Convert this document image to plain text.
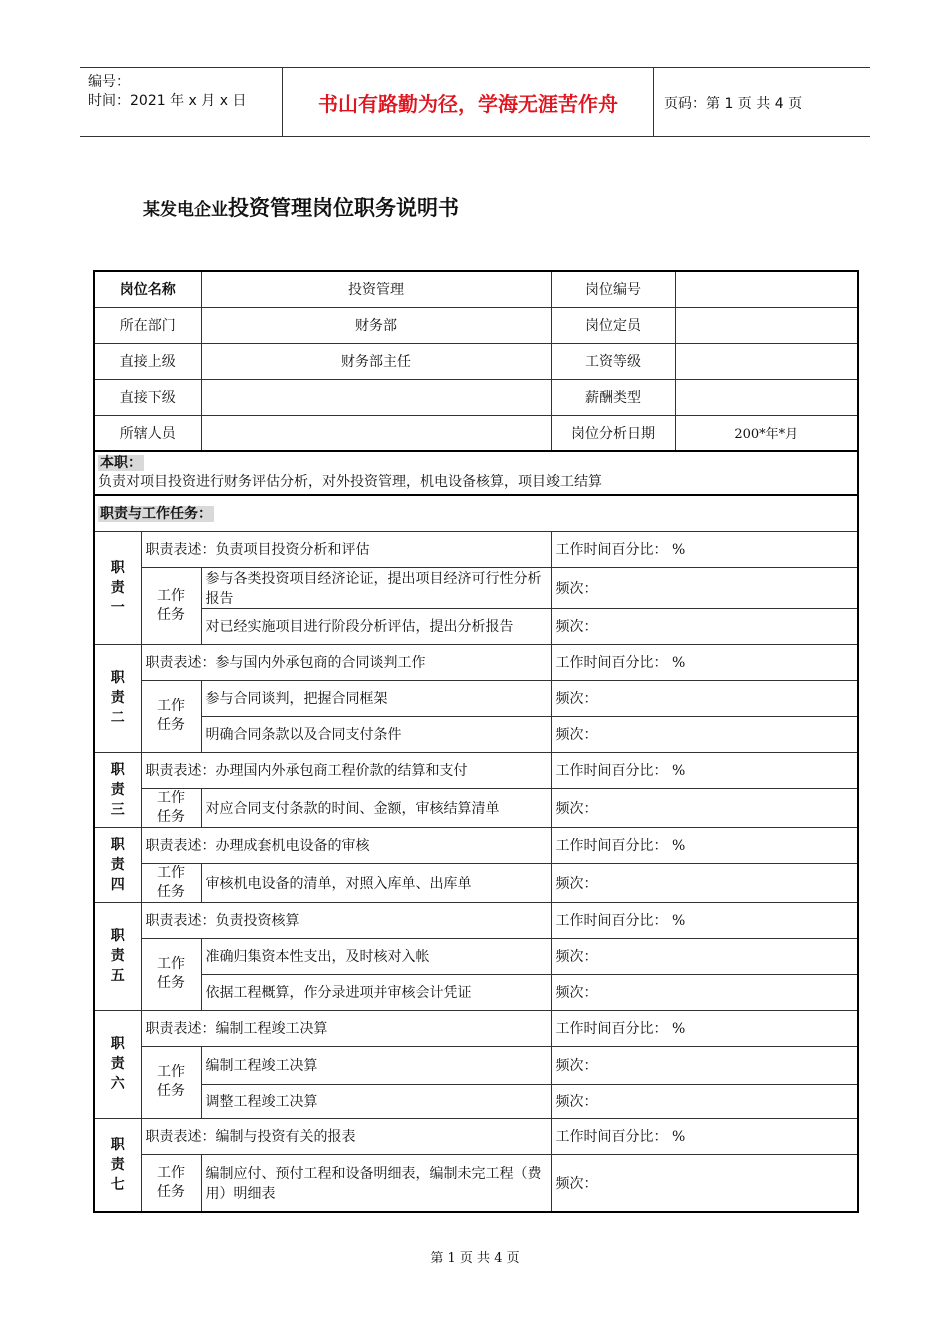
编号：
时间：2021 年 x 月 x 日	书山有路勤为径，学海无涯苦作舟	页码：第 1 页 共 4 页
某发电企业投资管理岗位职务说明书
岗位名称		投资管理	岗位编号	
所在部门		财务部	岗位定员	
直接上级		财务部主任	工资等级	
直接下级			薪酬类型	
所辖人员			岗位分析日期	200*年*月
本职：
负责对项目投资进行财务评估分析，对外投资管理，机电设备核算，项目竣工结算				
职责与工作任务：				
职
责
一	职责表述：负责项目投资分析和评估		工作时间百分比： %	
	工作
任务	参与各类投资项目经济论证，提出项目经济可行性分析报告	频次：	
		对已经实施项目进行阶段分析评估，提出分析报告	频次：	
职
责
二	职责表述：参与国内外承包商的合同谈判工作		工作时间百分比： %	
	工作
任务	参与合同谈判，把握合同框架	频次：	
		明确合同条款以及合同支付条件	频次：	
职
责
三	职责表述：办理国内外承包商工程价款的结算和支付		工作时间百分比： %	
	工作
任务	对应合同支付条款的时间、金额，审核结算清单	频次：	
职
责
四	职责表述：办理成套机电设备的审核		工作时间百分比： %	
	工作
任务	审核机电设备的清单，对照入库单、出库单	频次：	
职
责
五	职责表述：负责投资核算		工作时间百分比： %	
	工作
任务	准确归集资本性支出，及时核对入帐	频次：	
		依据工程概算，作分录进项并审核会计凭证	频次：	
职
责
六	职责表述：编制工程竣工决算		工作时间百分比： %	
	工作
任务	编制工程竣工决算	频次：	
		调整工程竣工决算	频次：	
职
责
七	职责表述：编制与投资有关的报表		工作时间百分比： %	
	工作
任务	编制应付、预付工程和设备明细表，编制未完工程（费用）明细表	频次：	
第 1 页 共 4 页
